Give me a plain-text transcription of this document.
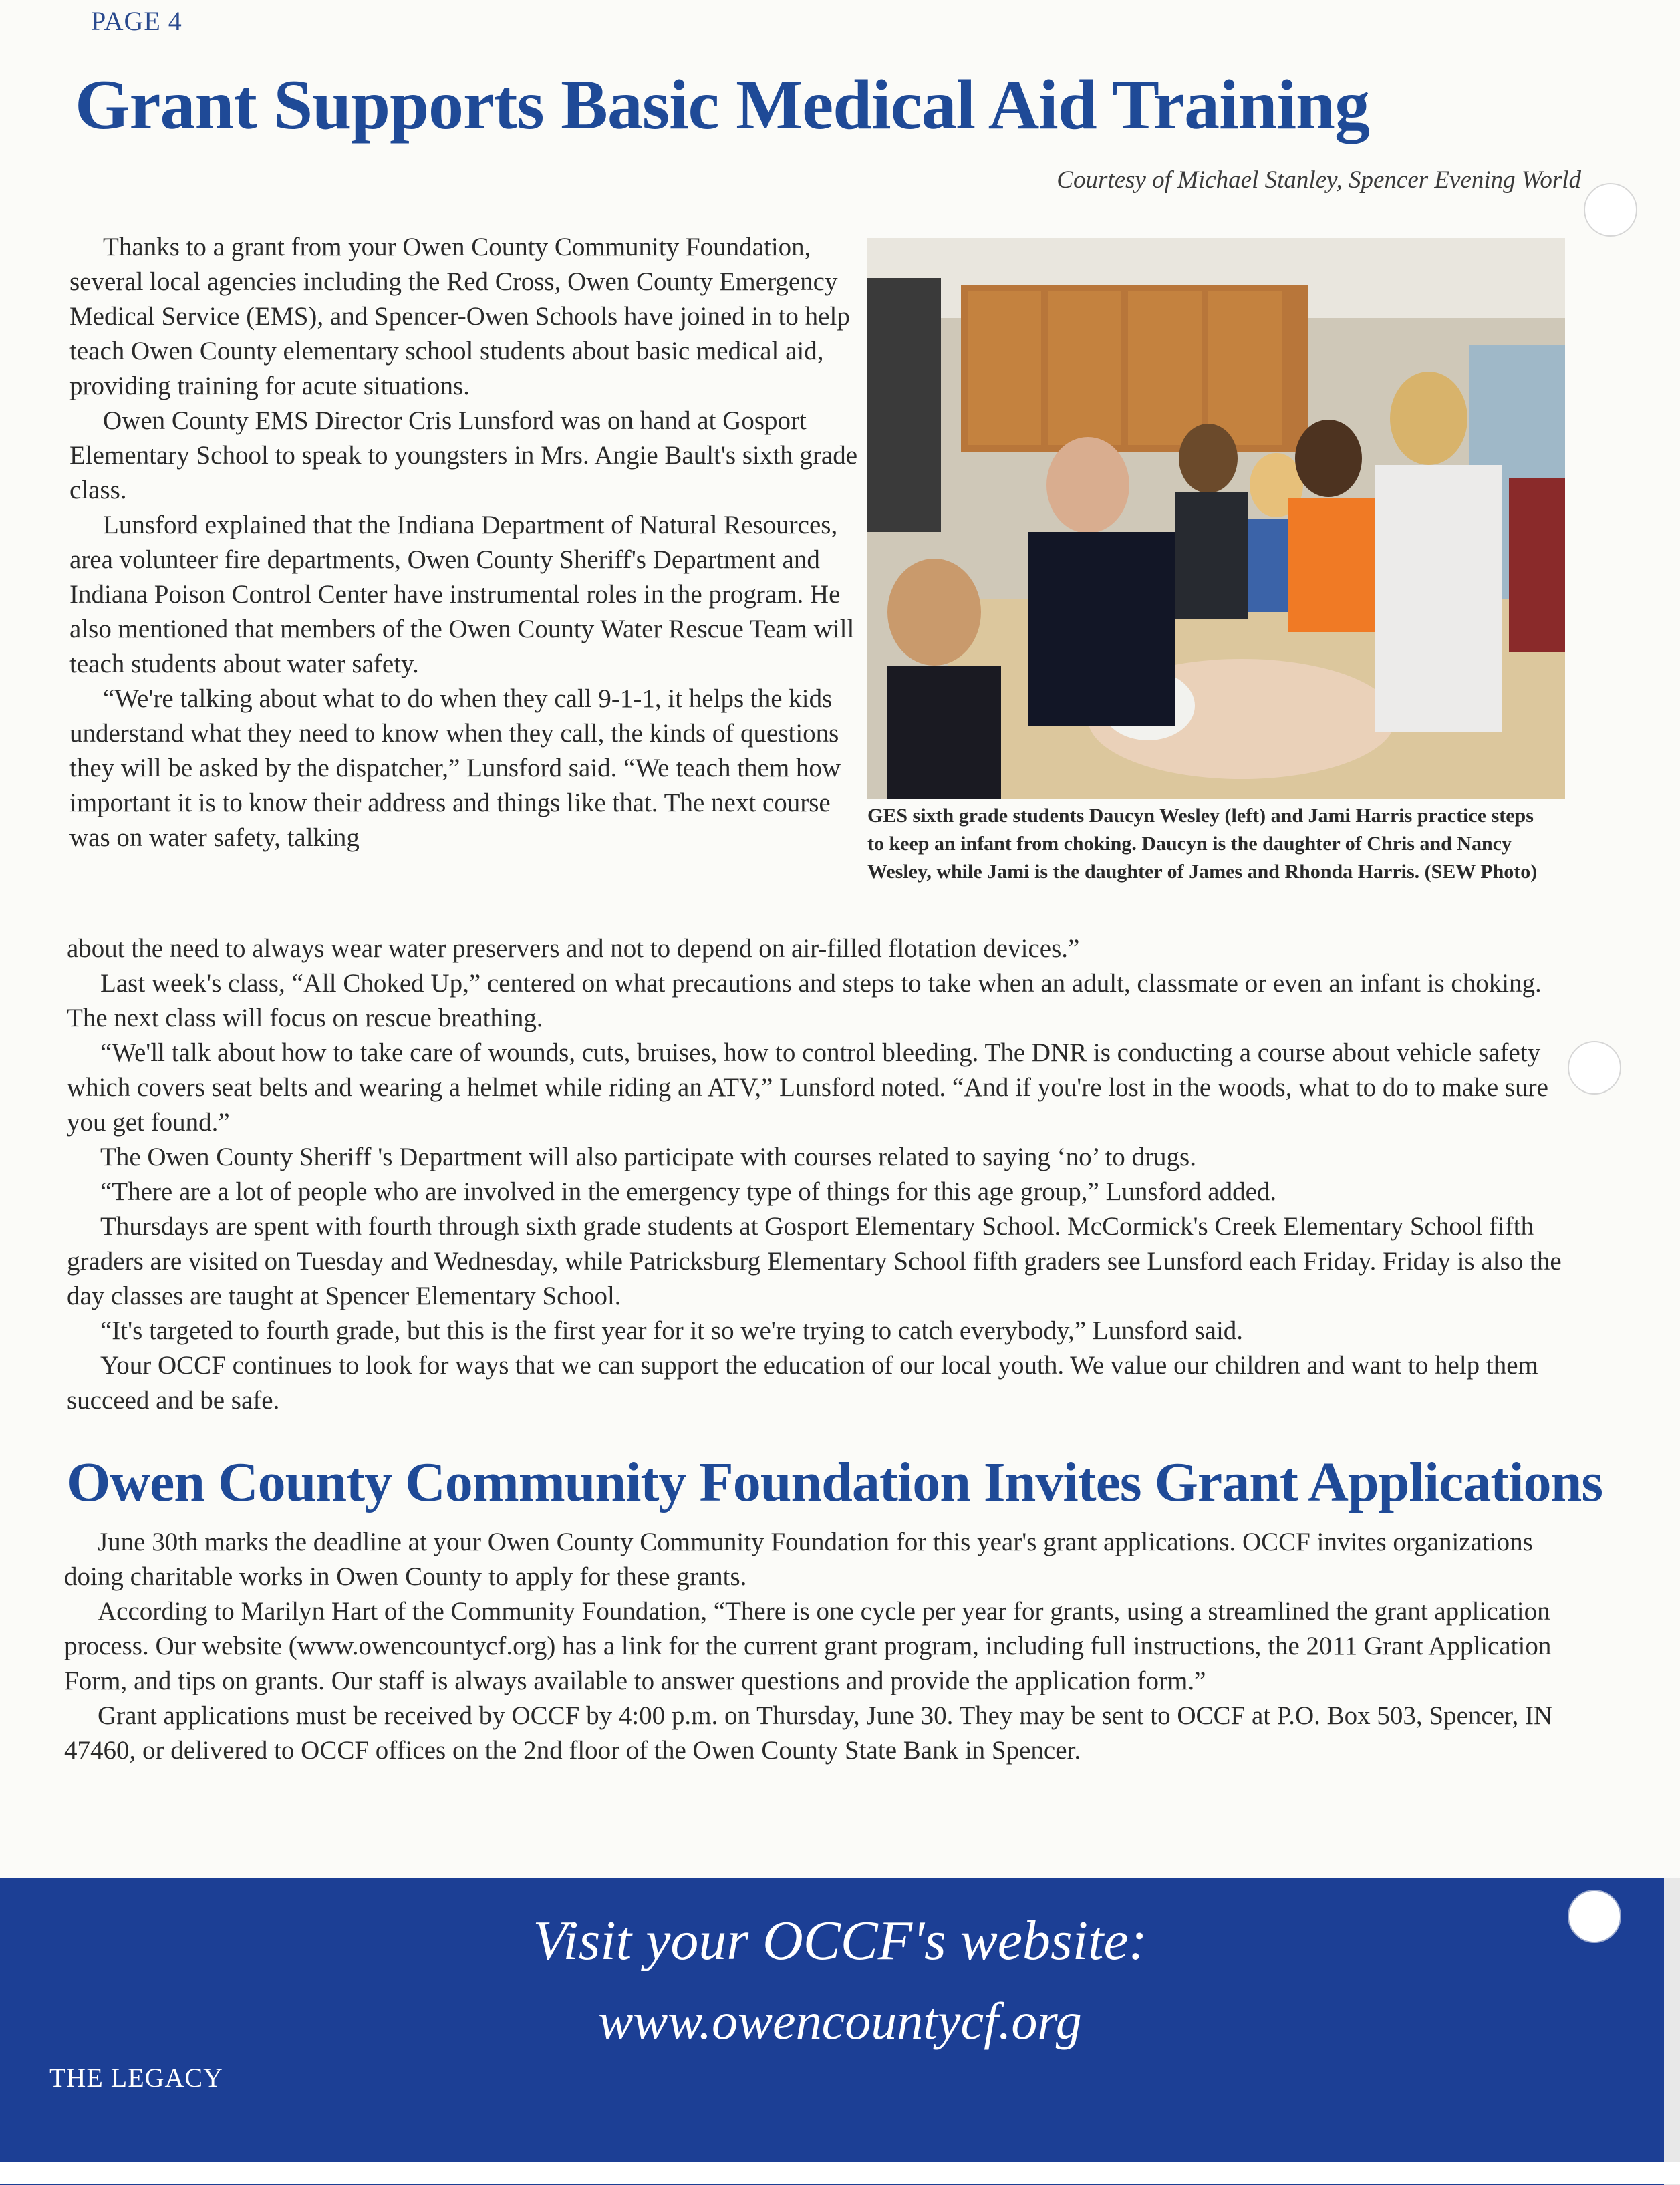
PAGE 4
Grant Supports Basic Medical Aid Training
Courtesy of Michael Stanley, Spencer Evening World

Thanks to a grant from your Owen County Community Foundation, several local agencies including the Red Cross, Owen County Emergency Medical Service (EMS), and Spencer-Owen Schools have joined in to help teach Owen County elementary school students about basic medical aid, providing training for acute situations.

Owen County EMS Director Cris Lunsford was on hand at Gosport Elementary School to speak to youngsters in Mrs. Angie Bault's sixth grade class.

Lunsford explained that the Indiana Department of Natural Resources, area volunteer fire departments, Owen County Sheriff's Department and Indiana Poison Control Center have instrumental roles in the program. He also mentioned that members of the Owen County Water Rescue Team will teach students about water safety.

“We're talking about what to do when they call 9-1-1, it helps the kids understand what they need to know when they call, the kinds of questions they will be asked by the dispatcher,” Lunsford said. “We teach them how important it is to know their address and things like that. The next course was on water safety, talking

GES sixth grade students Daucyn Wesley (left) and Jami Harris practice steps
to keep an infant from choking. Daucyn is the daughter of Chris and Nancy
Wesley, while Jami is the daughter of James and Rhonda Harris. (SEW Photo)

about the need to always wear water preservers and not to depend on air-filled flotation devices.”

Last week's class, “All Choked Up,” centered on what precautions and steps to take when an adult, classmate or even an infant is choking. The next class will focus on rescue breathing.

“We'll talk about how to take care of wounds, cuts, bruises, how to control bleeding. The DNR is conducting a course about vehicle safety which covers seat belts and wearing a helmet while riding an ATV,” Lunsford noted. “And if you're lost in the woods, what to do to make sure you get found.”

The Owen County Sheriff 's Department will also participate with courses related to saying ‘no’ to drugs.

“There are a lot of people who are involved in the emergency type of things for this age group,” Lunsford added.

Thursdays are spent with fourth through sixth grade students at Gosport Elementary School. McCormick's Creek Elementary School fifth graders are visited on Tuesday and Wednesday, while Patricksburg Elementary School fifth graders see Lunsford each Friday. Friday is also the day classes are taught at Spencer Elementary School.

“It's targeted to fourth grade, but this is the first year for it so we're trying to catch everybody,” Lunsford said.

Your OCCF continues to look for ways that we can support the education of our local youth. We value our children and want to help them succeed and be safe.

Owen County Community Foundation Invites Grant Applications

June 30th marks the deadline at your Owen County Community Foundation for this year's grant applications. OCCF invites organizations doing charitable works in Owen County to apply for these grants.

According to Marilyn Hart of the Community Foundation, “There is one cycle per year for grants, using a streamlined the grant application process. Our website (www.owencountycf.org) has a link for the current grant program, including full instructions, the 2011 Grant Application Form, and tips on grants. Our staff is always available to answer questions and provide the application form.”

Grant applications must be received by OCCF by 4:00 p.m. on Thursday, June 30. They may be sent to OCCF at P.O. Box 503, Spencer, IN 47460, or delivered to OCCF offices on the 2nd floor of the Owen County State Bank in Spencer.

Visit your OCCF's website:
www.owencountycf.org
THE LEGACY
